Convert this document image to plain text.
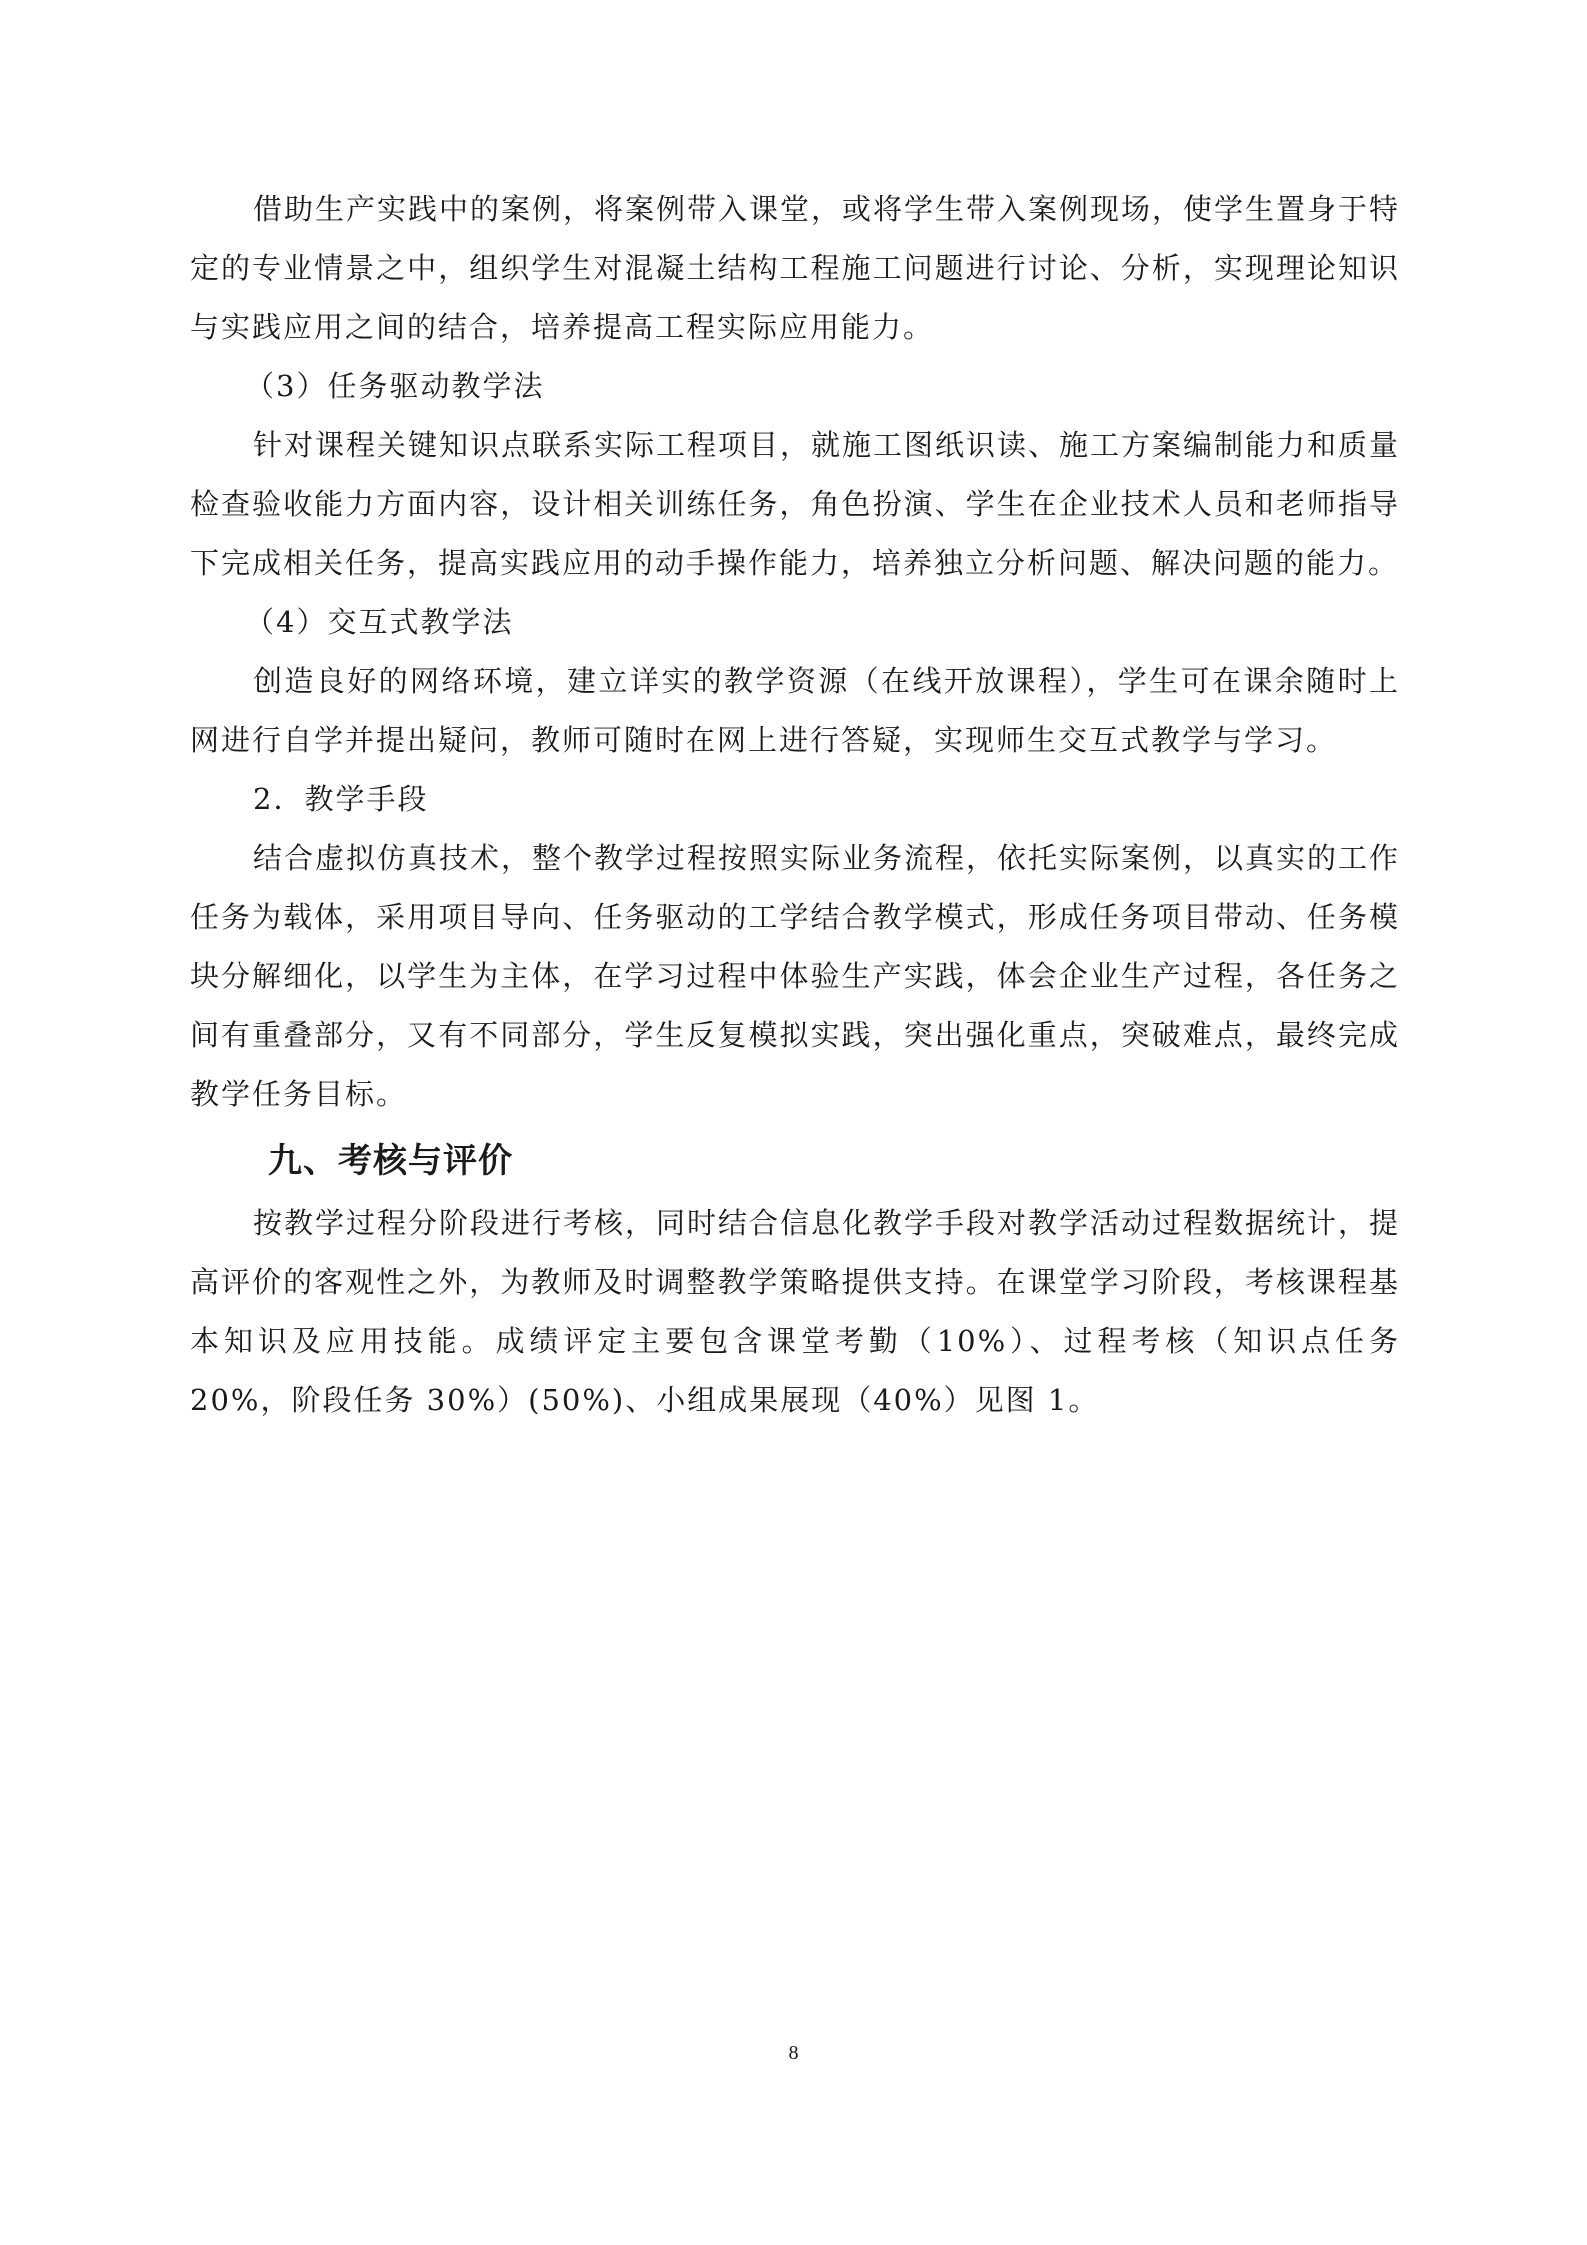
借助生产实践中的案例，将案例带入课堂，或将学生带入案例现场，使学生置身于特定的专业情景之中，组织学生对混凝土结构工程施工问题进行讨论、分析，实现理论知识与实践应用之间的结合，培养提高工程实际应用能力。

（3）任务驱动教学法

针对课程关键知识点联系实际工程项目，就施工图纸识读、施工方案编制能力和质量检查验收能力方面内容，设计相关训练任务，角色扮演、学生在企业技术人员和老师指导下完成相关任务，提高实践应用的动手操作能力，培养独立分析问题、解决问题的能力。

（4）交互式教学法

创造良好的网络环境，建立详实的教学资源（在线开放课程），学生可在课余随时上网进行自学并提出疑问，教师可随时在网上进行答疑，实现师生交互式教学与学习。

2．教学手段

结合虚拟仿真技术，整个教学过程按照实际业务流程，依托实际案例，以真实的工作任务为载体，采用项目导向、任务驱动的工学结合教学模式，形成任务项目带动、任务模块分解细化，以学生为主体，在学习过程中体验生产实践，体会企业生产过程，各任务之间有重叠部分，又有不同部分，学生反复模拟实践，突出强化重点，突破难点，最终完成教学任务目标。

九、考核与评价

按教学过程分阶段进行考核，同时结合信息化教学手段对教学活动过程数据统计，提高评价的客观性之外，为教师及时调整教学策略提供支持。在课堂学习阶段，考核课程基本知识及应用技能。成绩评定主要包含课堂考勤（10%）、过程考核（知识点任务20%，阶段任务 30%）(50%)、小组成果展现（40%）见图 1。

8
